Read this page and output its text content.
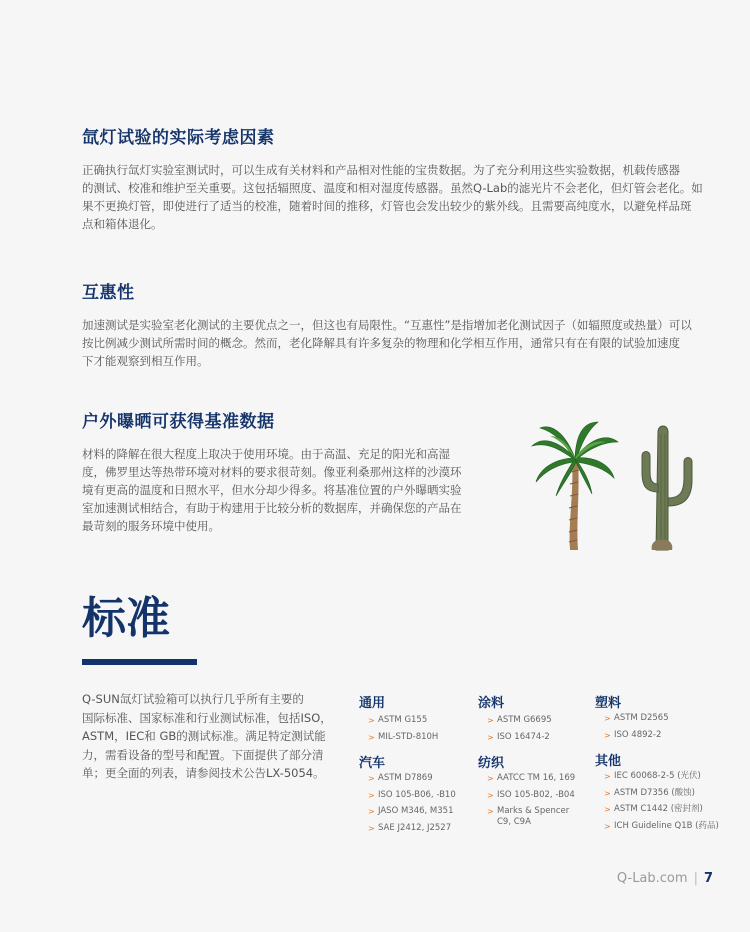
氙灯试验的实际考虑因素
正确执行氙灯实验室测试时，可以生成有关材料和产品相对性能的宝贵数据。为了充分利用这些实验数据，机载传感器
的测试、校准和维护至关重要。这包括辐照度、温度和相对湿度传感器。虽然Q-Lab的滤光片不会老化，但灯管会老化。如
果不更换灯管，即使进行了适当的校准，随着时间的推移，灯管也会发出较少的紫外线。且需要高纯度水，以避免样品斑
点和箱体退化。
互惠性
加速测试是实验室老化测试的主要优点之一，但这也有局限性。“互惠性”是指增加老化测试因子（如辐照度或热量）可以
按比例减少测试所需时间的概念。然而，老化降解具有许多复杂的物理和化学相互作用，通常只有在有限的试验加速度
下才能观察到相互作用。
户外曝晒可获得基准数据
材料的降解在很大程度上取决于使用环境。由于高温、充足的阳光和高湿
度，佛罗里达等热带环境对材料的要求很苛刻。像亚利桑那州这样的沙漠环
境有更高的温度和日照水平，但水分却少得多。将基准位置的户外曝晒实验
室加速测试相结合，有助于构建用于比较分析的数据库，并确保您的产品在
最苛刻的服务环境中使用。
标准
Q-SUN氙灯试验箱可以执行几乎所有主要的
国际标准、国家标准和行业测试标准，包括ISO，
ASTM，IEC和 GB的测试标准。满足特定测试能
力，需看设备的型号和配置。下面提供了部分清
单；更全面的列表，请参阅技术公告LX-5054。
通用
> ASTM G155
> MIL-STD-810H
汽车
> ASTM D7869
> ISO 105-B06, -B10
> JASO M346, M351
> SAE J2412, J2527
涂料
> ASTM G6695
> ISO 16474-2
纺织
> AATCC TM 16, 169
> ISO 105-B02, -B04
> Marks & Spencer C9, C9A
塑料
> ASTM D2565
> ISO 4892-2
其他
> IEC 60068-2-5 (光伏)
> ASTM D7356 (酸蚀)
> ASTM C1442 (密封剂)
> ICH Guideline Q1B (药品)
Q-Lab.com | 7
